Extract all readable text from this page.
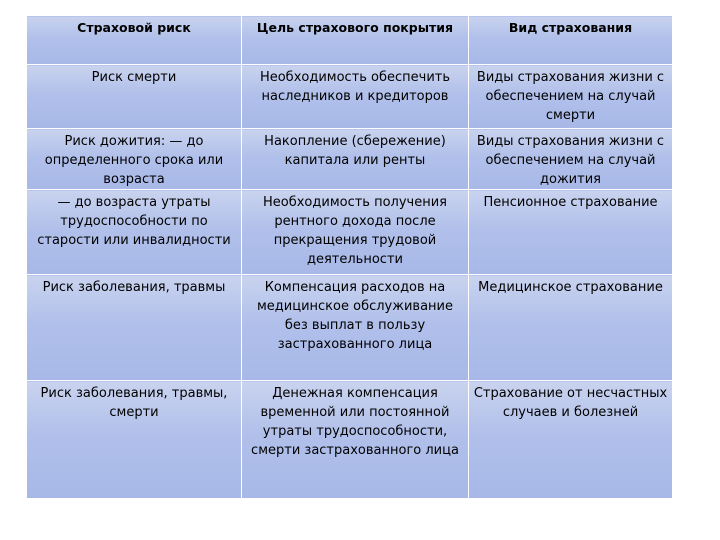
Страховой риск	Цель страхового покрытия	Вид страхования
Риск смерти	Необходимость обеспечить наследников и кредиторов	Виды страхования жизни с обеспечением на случай смерти
Риск дожития: — до определенного срока или возраста	Накопление (сбережение) капитала или ренты	Виды страхования жизни с обеспечением на случай дожития
— до возраста утраты трудоспособности по старости или инвалидности	Необходимость получения рентного дохода после прекращения трудовой деятельности	Пенсионное страхование
Риск заболевания, травмы	Компенсация расходов на медицинское обслуживание без выплат в пользу застрахованного лица	Медицинское страхование
Риск заболевания, травмы, смерти	Денежная компенсация временной или постоянной утраты трудоспособности, смерти застрахованного лица	Страхование от несчастных случаев и болезней
